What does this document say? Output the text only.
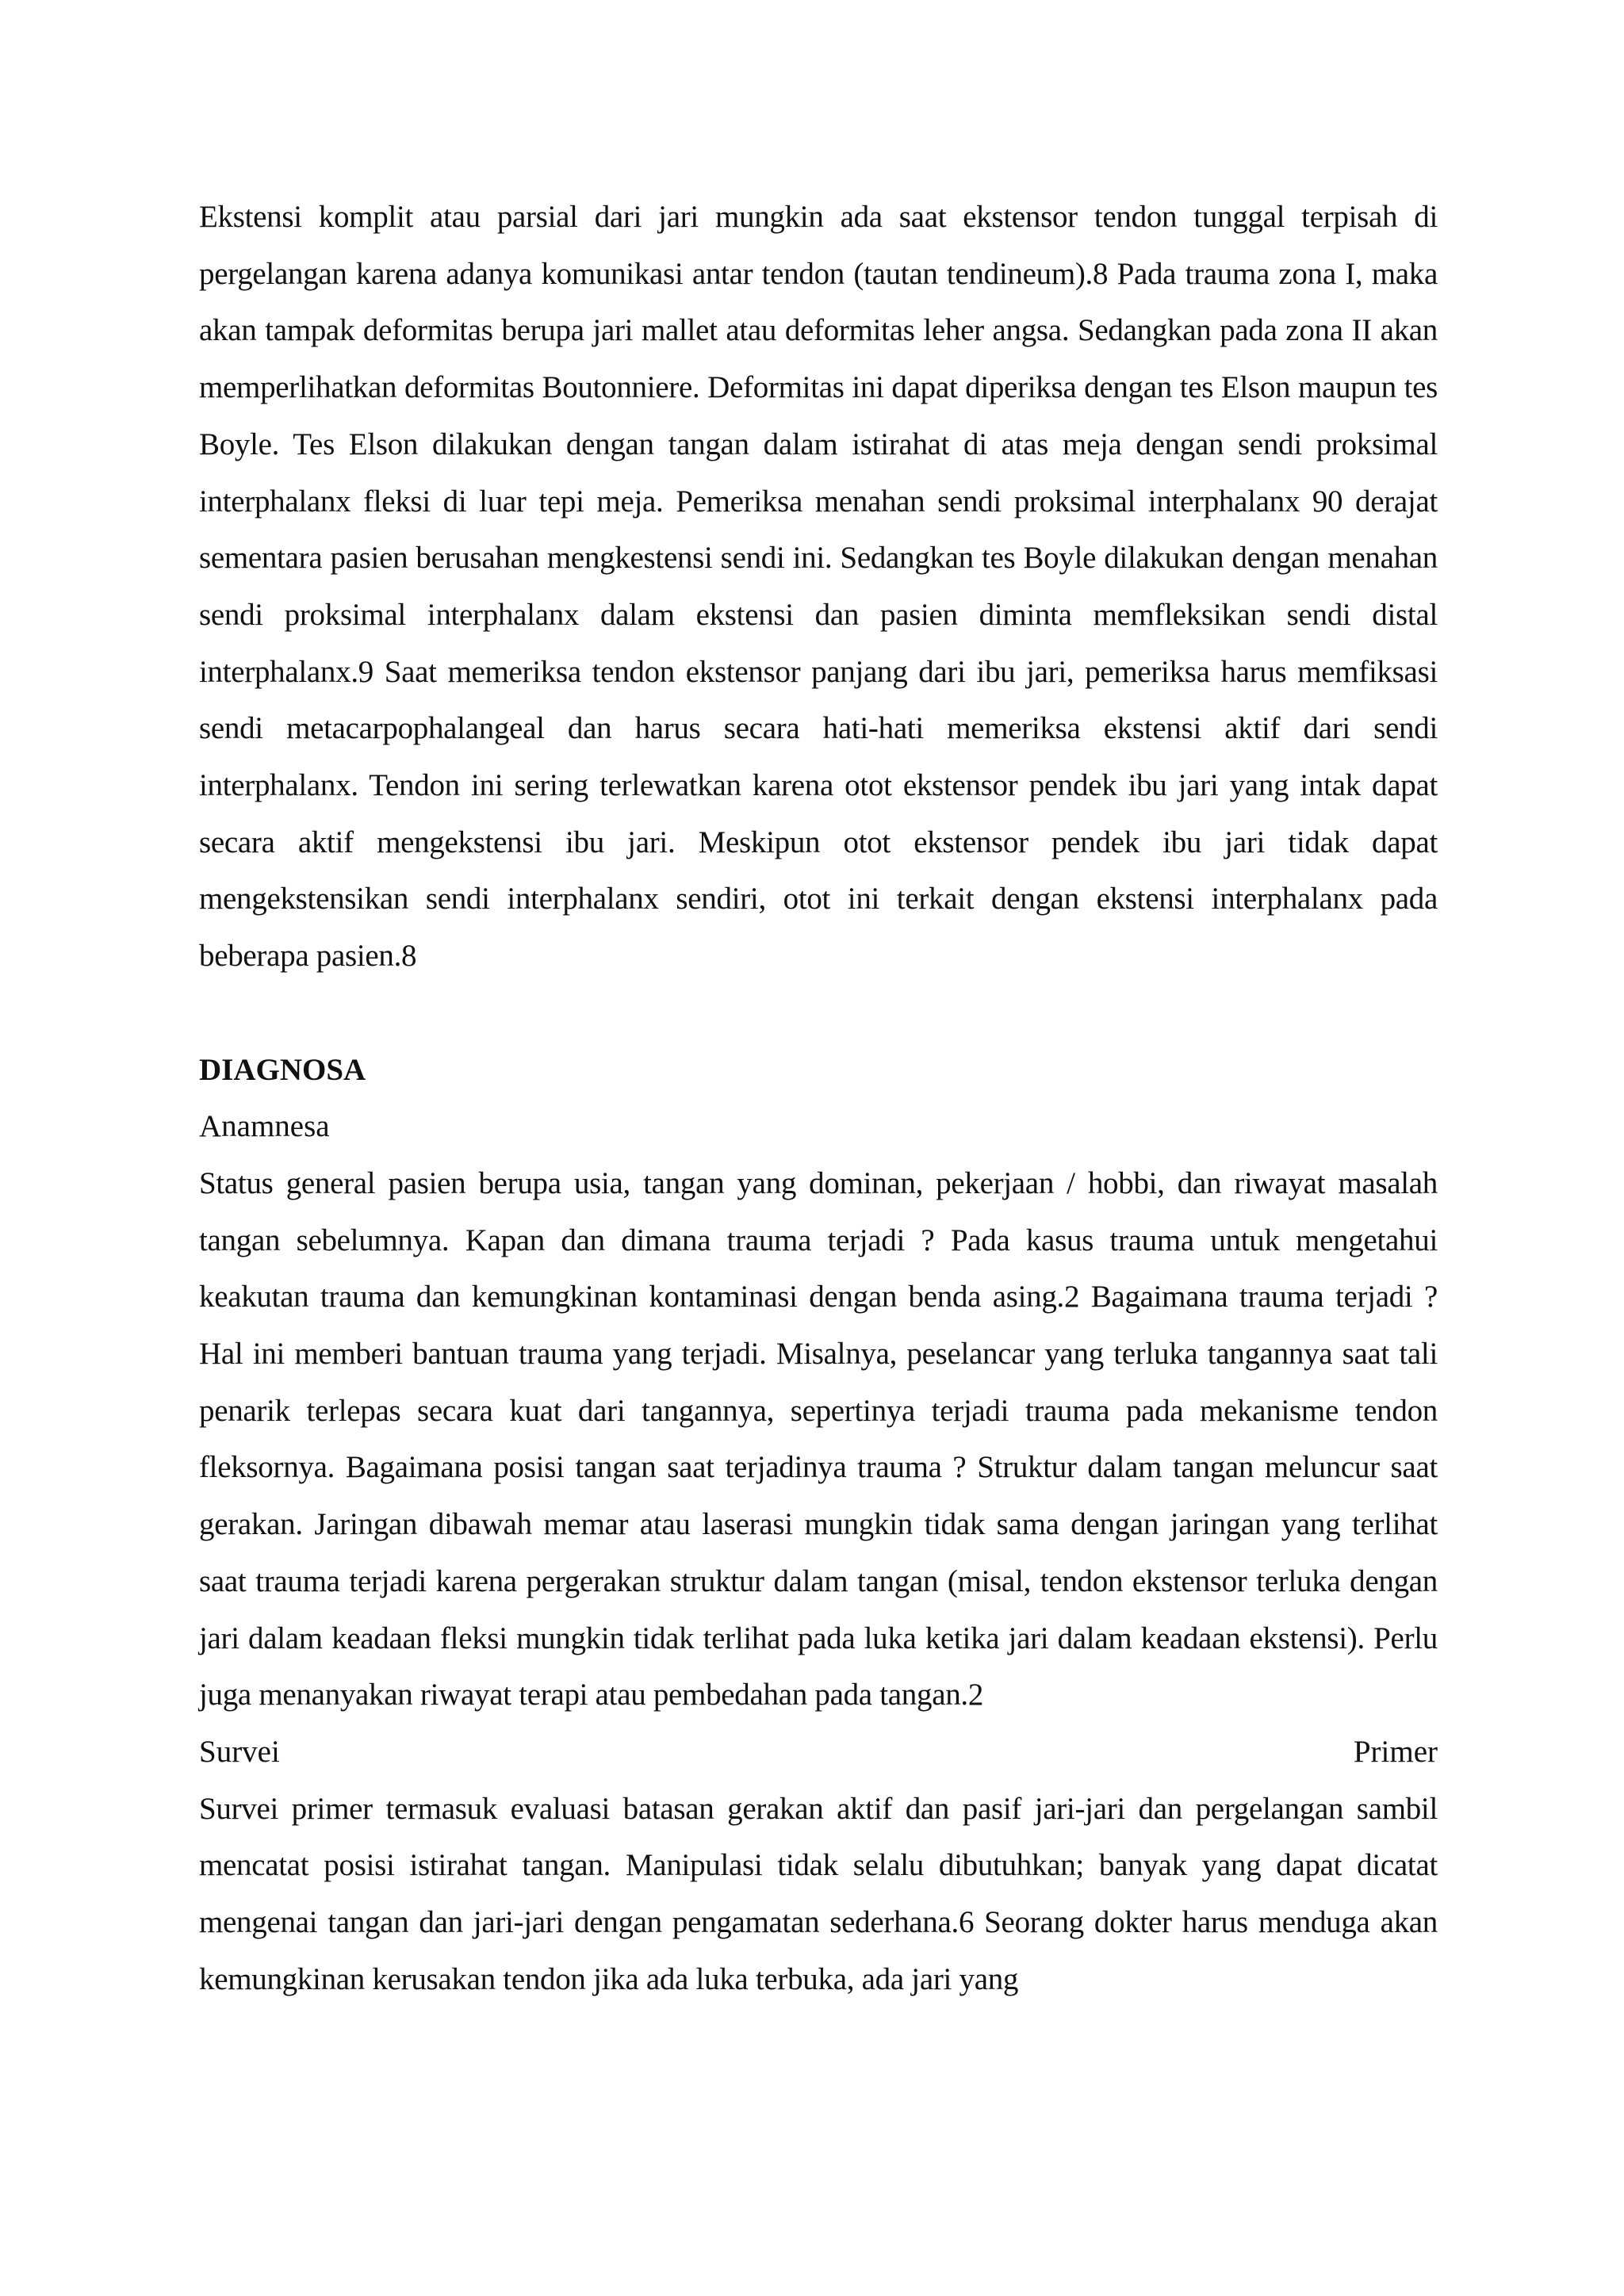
Ekstensi komplit atau parsial dari jari mungkin ada saat ekstensor tendon tunggal terpisah di pergelangan karena adanya komunikasi antar tendon (tautan tendineum).8 Pada trauma zona I, maka akan tampak deformitas berupa jari mallet atau deformitas leher angsa. Sedangkan pada zona II akan memperlihatkan deformitas Boutonniere. Deformitas ini dapat diperiksa dengan tes Elson maupun tes Boyle. Tes Elson dilakukan dengan tangan dalam istirahat di atas meja dengan sendi proksimal interphalanx fleksi di luar tepi meja. Pemeriksa menahan sendi proksimal interphalanx 90 derajat sementara pasien berusahan mengkestensi sendi ini. Sedangkan tes Boyle dilakukan dengan menahan sendi proksimal interphalanx dalam ekstensi dan pasien diminta memfleksikan sendi distal interphalanx.9 Saat memeriksa tendon ekstensor panjang dari ibu jari, pemeriksa harus memfiksasi sendi metacarpophalangeal dan harus secara hati-hati memeriksa ekstensi aktif dari sendi interphalanx. Tendon ini sering terlewatkan karena otot ekstensor pendek ibu jari yang intak dapat secara aktif mengekstensi ibu jari. Meskipun otot ekstensor pendek ibu jari tidak dapat mengekstensikan sendi interphalanx sendiri, otot ini terkait dengan ekstensi interphalanx pada beberapa pasien.8

DIAGNOSA

Anamnesa

Status general pasien berupa usia, tangan yang dominan, pekerjaan / hobbi, dan riwayat masalah tangan sebelumnya. Kapan dan dimana trauma terjadi ? Pada kasus trauma untuk mengetahui keakutan trauma dan kemungkinan kontaminasi dengan benda asing.2 Bagaimana trauma terjadi ? Hal ini memberi bantuan trauma yang terjadi. Misalnya, peselancar yang terluka tangannya saat tali penarik terlepas secara kuat dari tangannya, sepertinya terjadi trauma pada mekanisme tendon fleksornya. Bagaimana posisi tangan saat terjadinya trauma ? Struktur dalam tangan meluncur saat gerakan. Jaringan dibawah memar atau laserasi mungkin tidak sama dengan jaringan yang terlihat saat trauma terjadi karena pergerakan struktur dalam tangan (misal, tendon ekstensor terluka dengan jari dalam keadaan fleksi mungkin tidak terlihat pada luka ketika jari dalam keadaan ekstensi). Perlu juga menanyakan riwayat terapi atau pembedahan pada tangan.2

Survei	Primer

Survei primer termasuk evaluasi batasan gerakan aktif dan pasif jari-jari dan pergelangan sambil mencatat posisi istirahat tangan. Manipulasi tidak selalu dibutuhkan; banyak yang dapat dicatat mengenai tangan dan jari-jari dengan pengamatan sederhana.6 Seorang dokter harus menduga akan kemungkinan kerusakan tendon jika ada luka terbuka, ada jari yang
